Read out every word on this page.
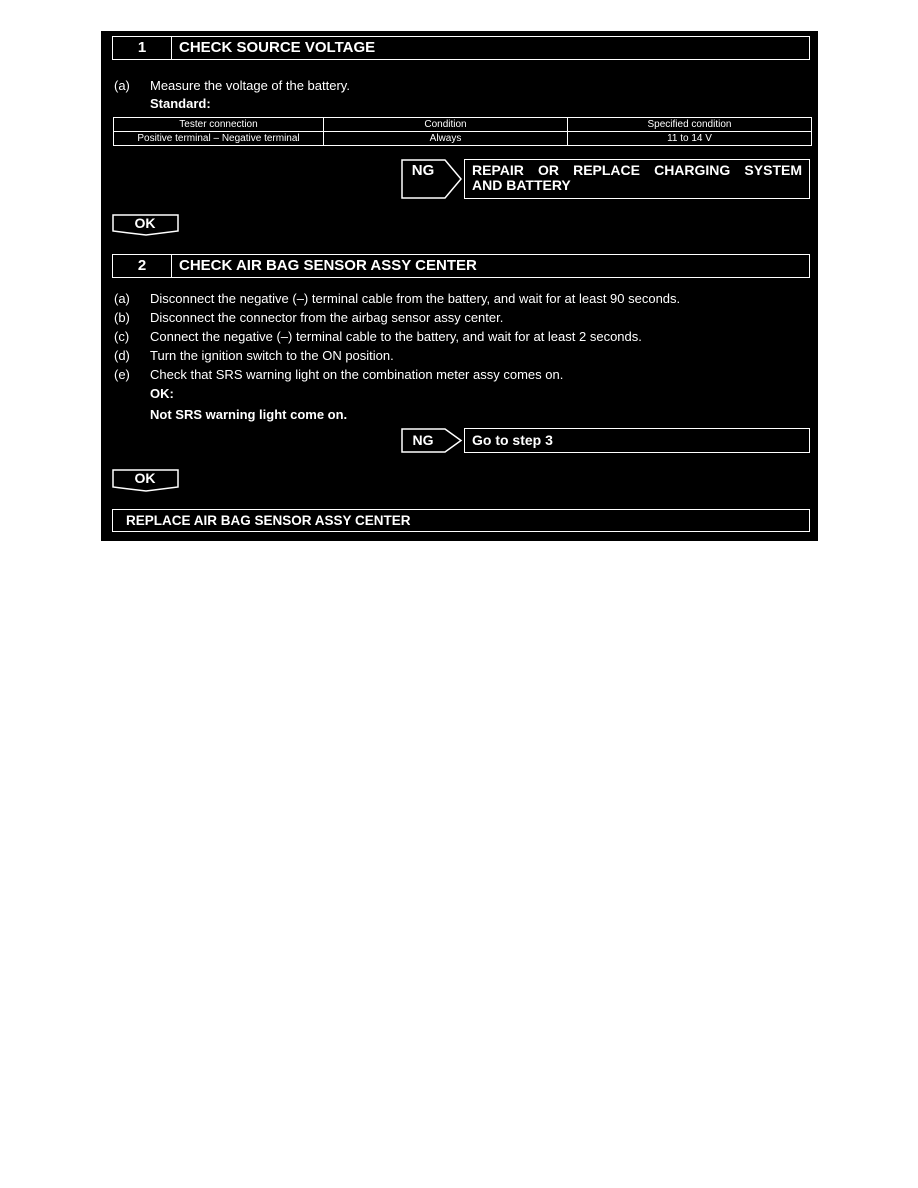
1	CHECK SOURCE VOLTAGE
(a) Measure the voltage of the battery.
Standard:
Tester connection	Condition	Specified condition
Positive terminal – Negative terminal	Always	11 to 14 V
NG	REPAIR OR REPLACE CHARGING SYSTEM
AND BATTERY
OK
2	CHECK AIR BAG SENSOR ASSY CENTER
(a) Disconnect the negative (–) terminal cable from the battery, and wait for at least 90 seconds.
(b) Disconnect the connector from the airbag sensor assy center.
(c) Connect the negative (–) terminal cable to the battery, and wait for at least 2 seconds.
(d) Turn the ignition switch to the ON position.
(e) Check that SRS warning light on the combination meter assy comes on.
OK:
Not SRS warning light come on.
NG	Go to step 3
OK
REPLACE AIR BAG SENSOR ASSY CENTER
